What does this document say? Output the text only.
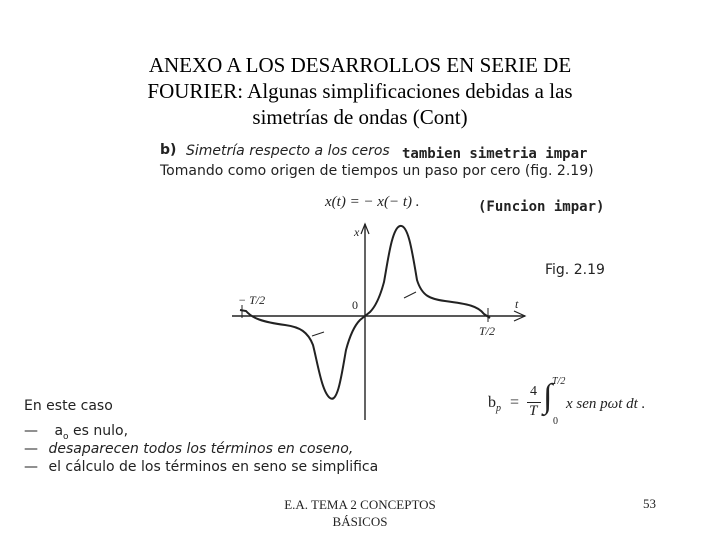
ANEXO A LOS DESARROLLOS EN SERIE DE
FOURIER: Algunas simplificaciones debidas a las
simetrías de ondas (Cont)
b) Simetría respecto a los ceros tambien simetria impar
Tomando como origen de tiempos un paso por cero (fig. 2.19)
x(t) = − x(− t) .	(Funcion impar)
Fig. 2.19
x
t
− T/2
T/2
0
En este caso
— $a_o$ es nulo,
— desaparecen todos los términos en coseno,
— el cálculo de los términos en seno se simplifica
$b_p$ =
4
T ∫ T/2
0
x sen pωt dt .
E.A. TEMA 2 CONCEPTOS
BÁSICOS
53
